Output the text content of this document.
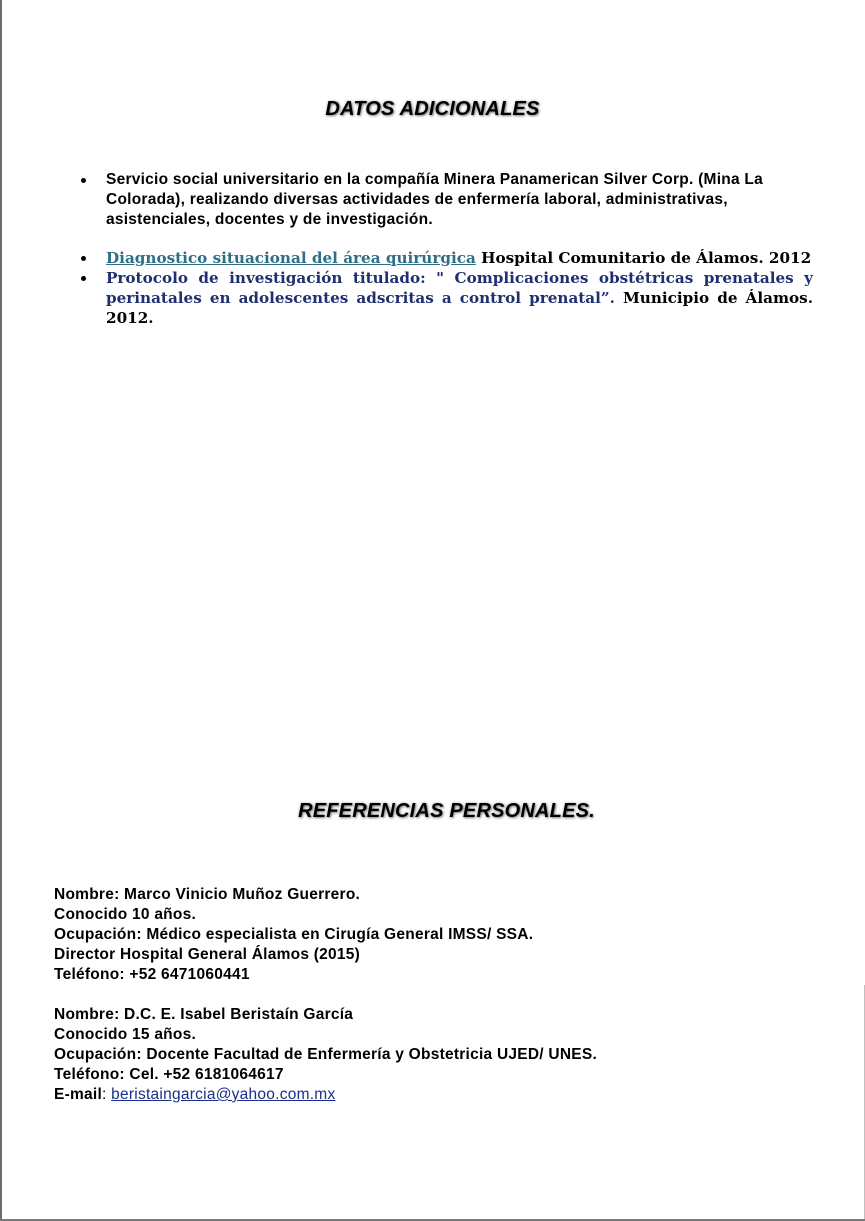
DATOS ADICIONALES
Servicio social universitario en la compañía Minera Panamerican Silver Corp. (Mina La Colorada), realizando diversas actividades de enfermería laboral, administrativas, asistenciales, docentes y de investigación.
Diagnostico situacional del área quirúrgica Hospital Comunitario de Álamos. 2012
Protocolo de investigación titulado: " Complicaciones obstétricas prenatales y perinatales en adolescentes adscritas a control prenatal”. Municipio de Álamos. 2012.
REFERENCIAS PERSONALES.
Nombre: Marco Vinicio Muñoz Guerrero.
Conocido 10 años.
Ocupación: Médico especialista en Cirugía General IMSS/ SSA.
Director Hospital General Álamos (2015)
Teléfono: +52 6471060441
Nombre: D.C. E. Isabel Beristaín García
Conocido 15 años.
Ocupación: Docente Facultad de Enfermería y Obstetricia UJED/ UNES.
Teléfono: Cel. +52 6181064617
E-mail: beristaingarcia@yahoo.com.mx
